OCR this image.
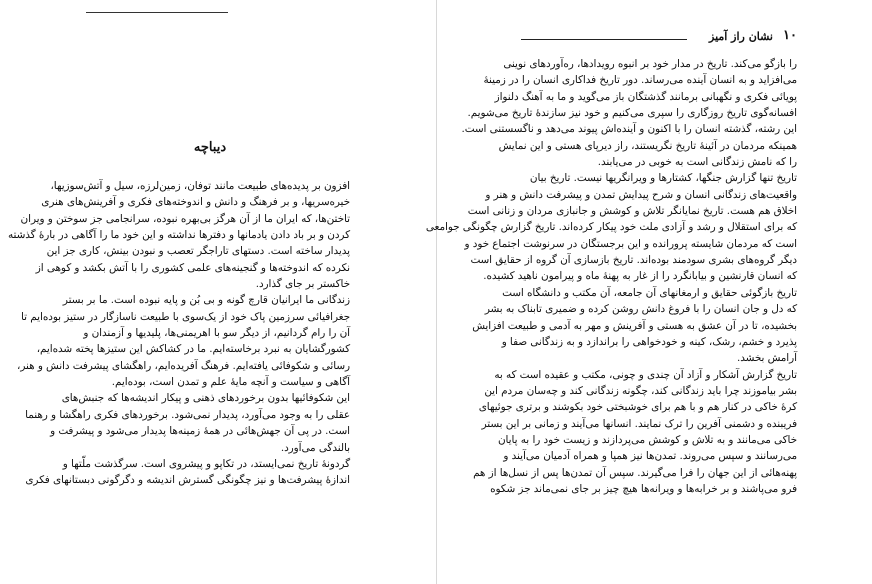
دیباچه
افزون بر پدیده‌های طبیعت مانند توفان، زمین‌لرزه، سیل و آتش‌سوزیها،
خیره‌سریها، و بر فرهنگ و دانش و اندوخته‌های فکری و آفرینش‌های هنری
تاختن‌ها، که ایران ما از آن هرگز بی‌بهره نبوده، سرانجامی جز سوختن و ویران
کردن و بر باد دادن یادمانها و دفترها نداشته و این خود ما را آگاهی در بارهٔ گذشته
پدیدار ساخته است. دستهای تاراجگر تعصب و نبودن بینش، کاری جز این
نکرده که اندوخته‌ها و گنجینه‌های علمی کشوری را با آتش بکشد و کوهی از
خاکستر بر جای گذارد.
زندگانی ما ایرانیان قارچ گونه و بی بُن و پایه نبوده است. ما بر بستر
جغرافیائی سرزمین پاک خود از یک‌سوی با طبیعت ناسازگار در ستیز بوده‌ایم تا
آن را رام گردانیم، از دیگر سو با اهریمنی‌ها، پلیدیها و آزمندان و
کشورگشایان به نبرد برخاسته‌ایم. ما در کشاکش این ستیزها پخته شده‌ایم،
رسائی و شکوفائی یافته‌ایم. فرهنگ آفریده‌ایم، راهگشای پیشرفت دانش و هنر،
آگاهی و سیاست و آنچه مایهٔ علم و تمدن است، بوده‌ایم.
این شکوفائیها بدون برخوردهای ذهنی و پیکار اندیشه‌ها که جنبش‌های
عقلی را به وجود می‌آورد، پدیدار نمی‌شود. برخوردهای فکری راهگشا و رهنما
است. در پی آن جهش‌هائی در همهٔ زمینه‌ها پدیدار می‌شود و پیشرفت و
بالندگی می‌آورد.
گردونهٔ تاریخ نمی‌ایستد، در تکاپو و پیشروی است. سرگذشت ملّتها و
اندازهٔ پیشرفت‌ها و نیز چگونگی گسترش اندیشه و دگرگونی دبستانهای فکری
۱۰
نشان راز آمیز
را بازگو می‌کند. تاریخ در مدار خود بر انبوه رویدادها، ره‌آوردهای نوینی
می‌افزاید و به انسان آینده می‌رساند. دور تاریخ فداکاری انسان را در زمینهٔ
پویائی فکری و نگهبانی برمانند گذشتگان باز می‌گوید و ما به آهنگ دلنواز
افسانه‌گوی تاریخ روزگاری را سپری می‌کنیم و خود نیز سازندهٔ تاریخ می‌شویم.
این رشته، گذشته انسان را با اکنون و آینده‌اش پیوند می‌دهد و ناگسستنی است.
همینکه مردمان در آئینهٔ تاریخ نگریستند، راز دیرپای هستی و این نمایش
را که نامش زندگانی است به خوبی در می‌یابند.
تاریخ تنها گزارش جنگها، کشتارها و ویرانگریها نیست. تاریخ بیان
واقعیت‌های زندگانی انسان و شرح پیدایش تمدن و پیشرفت دانش و هنر و
اخلاق هم هست. تاریخ نمایانگر تلاش و کوشش و جانبازی مردان و زنانی است
که برای استقلال و رشد و آزادی ملت خود پیکار کرده‌اند. تاریخ گزارش چگونگی جوامعی
است که مردمان شایسته پرورانده و این برجستگان در سرنوشت اجتماع خود و
دیگر گروه‌های بشری سودمند بوده‌اند. تاریخ بازسازی آن گروه از حقایق است
که انسان قارنشین و بیابانگرد را از غار به پهنهٔ ماه و پیرامون ناهید کشیده.
تاریخ بازگوئی حقایق و ارمغانهای آن جامعه، آن مکتب و دانشگاه است
که دل و جان انسان را با فروغ دانش روشن کرده و ضمیری تابناک به بشر
بخشیده، تا در آن عشق به هستی و آفرینش و مهر به آدمی و طبیعت افزایش
پذیرد و خشم، رشک، کینه و خودخواهی را براندازد و به زندگانی صفا و
آرامش بخشد.
تاریخ گزارش آشکار و آزاد آن چندی و چونی، مکتب و عقیده است که به
بشر بیاموزند چرا باید زندگانی کند، چگونه زندگانی کند و چه‌سان مردم این
کرهٔ خاکی در کنار هم و با هم برای خوشبختی خود بکوشند و برتری جوئیهای
فریبنده و دشمنی آفرین را ترک نمایند. انسانها می‌آیند و زمانی بر این بستر
خاکی می‌مانند و به تلاش و کوشش می‌پردازند و زیست خود را به پایان
می‌رسانند و سپس می‌روند. تمدن‌ها نیز همپا و همراه آدمیان می‌آیند و
پهنه‌هائی از این جهان را فرا می‌گیرند. سپس آن تمدن‌ها پس از نسل‌ها از هم
فرو می‌پاشند و بر خرابه‌ها و ویرانه‌ها هیچ چیز بر جای نمی‌ماند جز شکوه
